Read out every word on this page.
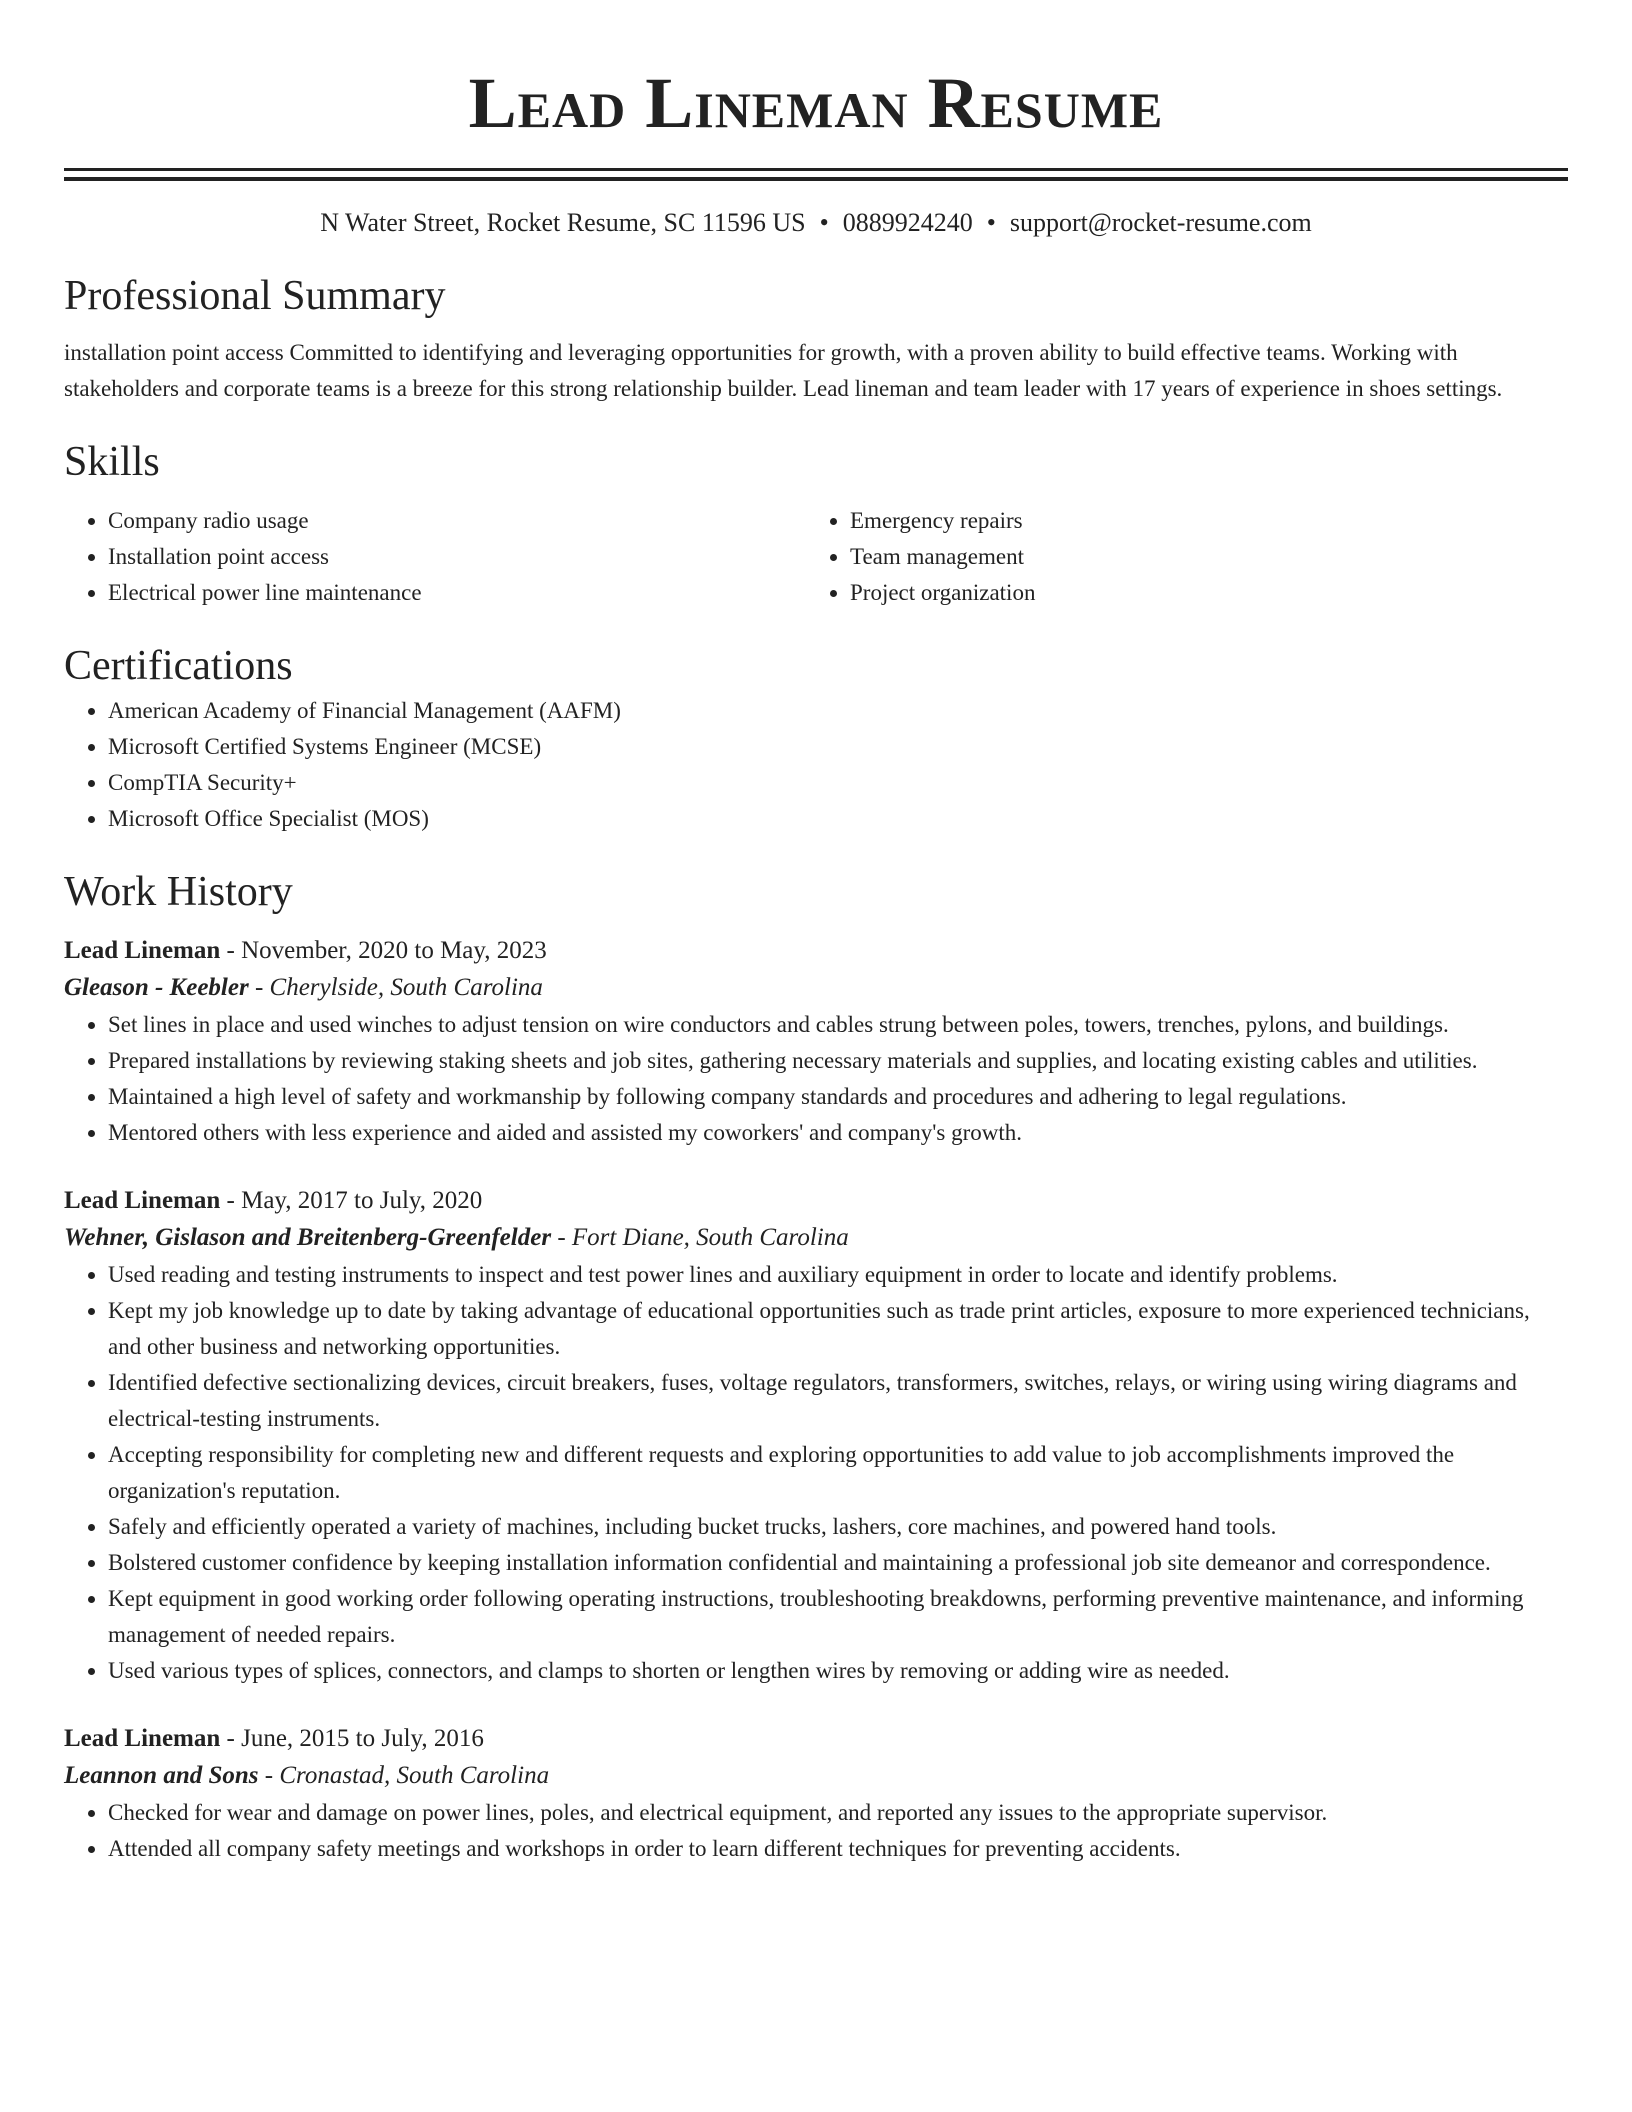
Lead Lineman Resume
N Water Street, Rocket Resume, SC 11596 US • 0889924240 • support@rocket-resume.com
Professional Summary

installation point access Committed to identifying and leveraging opportunities for growth, with a proven ability to build effective teams. Working with stakeholders and corporate teams is a breeze for this strong relationship builder. Lead lineman and team leader with 17 years of experience in shoes settings.

Skills
• Company radio usage
• Installation point access
• Electrical power line maintenance
• Emergency repairs
• Team management
• Project organization
Certifications
• American Academy of Financial Management (AAFM)
• Microsoft Certified Systems Engineer (MCSE)
• CompTIA Security+
• Microsoft Office Specialist (MOS)
Work History
Lead Lineman - November, 2020 to May, 2023
Gleason - Keebler - Cherylside, South Carolina
• Set lines in place and used winches to adjust tension on wire conductors and cables strung between poles, towers, trenches, pylons, and buildings.
• Prepared installations by reviewing staking sheets and job sites, gathering necessary materials and supplies, and locating existing cables and utilities.
• Maintained a high level of safety and workmanship by following company standards and procedures and adhering to legal regulations.
• Mentored others with less experience and aided and assisted my coworkers' and company's growth.
Lead Lineman - May, 2017 to July, 2020
Wehner, Gislason and Breitenberg-Greenfelder - Fort Diane, South Carolina
• Used reading and testing instruments to inspect and test power lines and auxiliary equipment in order to locate and identify problems.
• Kept my job knowledge up to date by taking advantage of educational opportunities such as trade print articles, exposure to more experienced technicians, and other business and networking opportunities.
• Identified defective sectionalizing devices, circuit breakers, fuses, voltage regulators, transformers, switches, relays, or wiring using wiring diagrams and electrical-testing instruments.
• Accepting responsibility for completing new and different requests and exploring opportunities to add value to job accomplishments improved the organization's reputation.
• Safely and efficiently operated a variety of machines, including bucket trucks, lashers, core machines, and powered hand tools.
• Bolstered customer confidence by keeping installation information confidential and maintaining a professional job site demeanor and correspondence.
• Kept equipment in good working order following operating instructions, troubleshooting breakdowns, performing preventive maintenance, and informing management of needed repairs.
• Used various types of splices, connectors, and clamps to shorten or lengthen wires by removing or adding wire as needed.
Lead Lineman - June, 2015 to July, 2016
Leannon and Sons - Cronastad, South Carolina
• Checked for wear and damage on power lines, poles, and electrical equipment, and reported any issues to the appropriate supervisor.
• Attended all company safety meetings and workshops in order to learn different techniques for preventing accidents.
